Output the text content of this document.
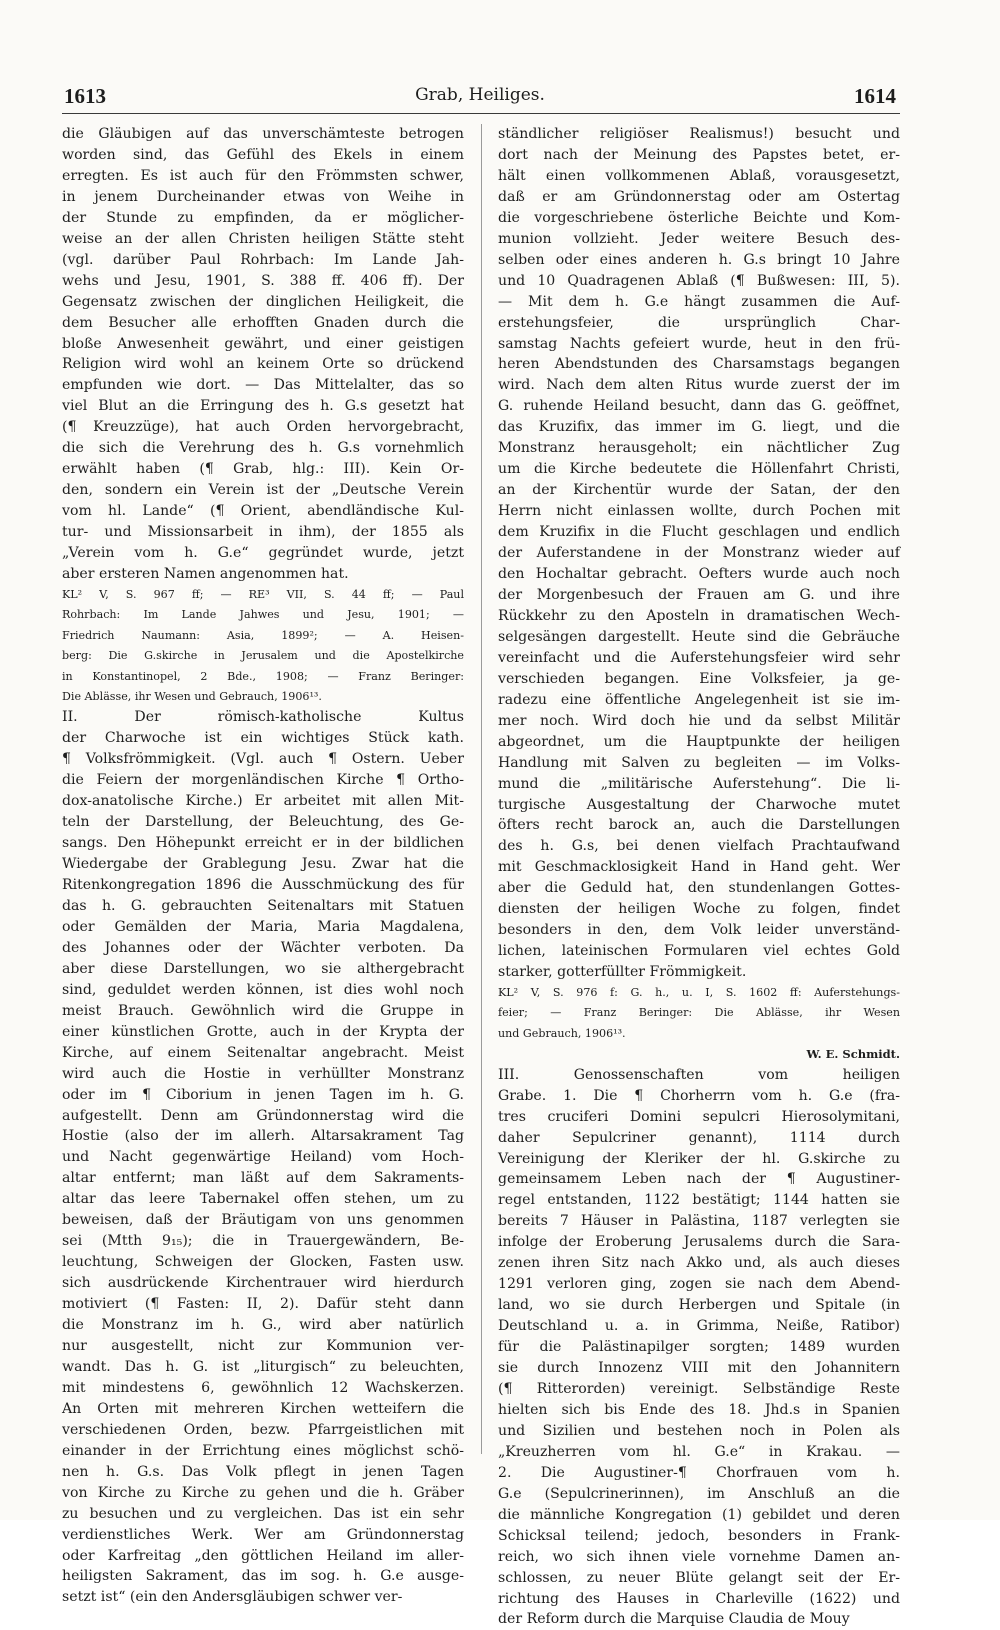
1613	Grab, Heiliges.	1614
die Gläubigen auf das unverschämteste betrogen
worden sind, das Gefühl des Ekels in einem
erregten. Es ist auch für den Frömmsten schwer,
in jenem Durcheinander etwas von Weihe in
der Stunde zu empfinden, da er möglicher-
weise an der allen Christen heiligen Stätte steht
(vgl. darüber Paul Rohrbach: Im Lande Jah-
wehs und Jesu, 1901, S. 388 ff. 406 ff). Der
Gegensatz zwischen der dinglichen Heiligkeit, die
dem Besucher alle erhofften Gnaden durch die
bloße Anwesenheit gewährt, und einer geistigen
Religion wird wohl an keinem Orte so drückend
empfunden wie dort. — Das Mittelalter, das so
viel Blut an die Erringung des h. G.s gesetzt hat
(¶ Kreuzzüge), hat auch Orden hervorgebracht,
die sich die Verehrung des h. G.s vornehmlich
erwählt haben (¶ Grab, hlg.: III). Kein Or-
den, sondern ein Verein ist der „Deutsche Verein
vom hl. Lande“ (¶ Orient, abendländische Kul-
tur- und Missionsarbeit in ihm), der 1855 als
„Verein vom h. G.e“ gegründet wurde, jetzt
aber ersteren Namen angenommen hat.
KL² V, S. 967 ff; — RE³ VII, S. 44 ff; — Paul
Rohrbach: Im Lande Jahwes und Jesu, 1901; —
Friedrich Naumann: Asia, 1899²; — A. Heisen-
berg: Die G.skirche in Jerusalem und die Apostelkirche
in Konstantinopel, 2 Bde., 1908; — Franz Beringer:
Die Ablässe, ihr Wesen und Gebrauch, 1906¹³.
II. Der römisch-katholische Kultus
der Charwoche ist ein wichtiges Stück kath.
¶ Volksfrömmigkeit. (Vgl. auch ¶ Ostern. Ueber
die Feiern der morgenländischen Kirche ¶ Ortho-
dox-anatolische Kirche.) Er arbeitet mit allen Mit-
teln der Darstellung, der Beleuchtung, des Ge-
sangs. Den Höhepunkt erreicht er in der bildlichen
Wiedergabe der Grablegung Jesu. Zwar hat die
Ritenkongregation 1896 die Ausschmückung des für
das h. G. gebrauchten Seitenaltars mit Statuen
oder Gemälden der Maria, Maria Magdalena,
des Johannes oder der Wächter verboten. Da
aber diese Darstellungen, wo sie althergebracht
sind, geduldet werden können, ist dies wohl noch
meist Brauch. Gewöhnlich wird die Gruppe in
einer künstlichen Grotte, auch in der Krypta der
Kirche, auf einem Seitenaltar angebracht. Meist
wird auch die Hostie in verhüllter Monstranz
oder im ¶ Ciborium in jenen Tagen im h. G.
aufgestellt. Denn am Gründonnerstag wird die
Hostie (also der im allerh. Altarsakrament Tag
und Nacht gegenwärtige Heiland) vom Hoch-
altar entfernt; man läßt auf dem Sakraments-
altar das leere Tabernakel offen stehen, um zu
beweisen, daß der Bräutigam von uns genommen
sei (Mtth 9₁₅); die in Trauergewändern, Be-
leuchtung, Schweigen der Glocken, Fasten usw.
sich ausdrückende Kirchentrauer wird hierdurch
motiviert (¶ Fasten: II, 2). Dafür steht dann
die Monstranz im h. G., wird aber natürlich
nur ausgestellt, nicht zur Kommunion ver-
wandt. Das h. G. ist „liturgisch“ zu beleuchten,
mit mindestens 6, gewöhnlich 12 Wachskerzen.
An Orten mit mehreren Kirchen wetteifern die
verschiedenen Orden, bezw. Pfarrgeistlichen mit
einander in der Errichtung eines möglichst schö-
nen h. G.s. Das Volk pflegt in jenen Tagen
von Kirche zu Kirche zu gehen und die h. Gräber
zu besuchen und zu vergleichen. Das ist ein sehr
verdienstliches Werk. Wer am Gründonnerstag
oder Karfreitag „den göttlichen Heiland im aller-
heiligsten Sakrament, das im sog. h. G.e ausge-
setzt ist“ (ein den Andersgläubigen schwer ver-
ständlicher religiöser Realismus!) besucht und
dort nach der Meinung des Papstes betet, er-
hält einen vollkommenen Ablaß, vorausgesetzt,
daß er am Gründonnerstag oder am Ostertag
die vorgeschriebene österliche Beichte und Kom-
munion vollzieht. Jeder weitere Besuch des-
selben oder eines anderen h. G.s bringt 10 Jahre
und 10 Quadragenen Ablaß (¶ Bußwesen: III, 5).
— Mit dem h. G.e hängt zusammen die Auf-
erstehungsfeier, die ursprünglich Char-
samstag Nachts gefeiert wurde, heut in den frü-
heren Abendstunden des Charsamstags begangen
wird. Nach dem alten Ritus wurde zuerst der im
G. ruhende Heiland besucht, dann das G. geöffnet,
das Kruzifix, das immer im G. liegt, und die
Monstranz herausgeholt; ein nächtlicher Zug
um die Kirche bedeutete die Höllenfahrt Christi,
an der Kirchentür wurde der Satan, der den
Herrn nicht einlassen wollte, durch Pochen mit
dem Kruzifix in die Flucht geschlagen und endlich
der Auferstandene in der Monstranz wieder auf
den Hochaltar gebracht. Oefters wurde auch noch
der Morgenbesuch der Frauen am G. und ihre
Rückkehr zu den Aposteln in dramatischen Wech-
selgesängen dargestellt. Heute sind die Gebräuche
vereinfacht und die Auferstehungsfeier wird sehr
verschieden begangen. Eine Volksfeier, ja ge-
radezu eine öffentliche Angelegenheit ist sie im-
mer noch. Wird doch hie und da selbst Militär
abgeordnet, um die Hauptpunkte der heiligen
Handlung mit Salven zu begleiten — im Volks-
mund die „militärische Auferstehung“. Die li-
turgische Ausgestaltung der Charwoche mutet
öfters recht barock an, auch die Darstellungen
des h. G.s, bei denen vielfach Prachtaufwand
mit Geschmacklosigkeit Hand in Hand geht. Wer
aber die Geduld hat, den stundenlangen Gottes-
diensten der heiligen Woche zu folgen, findet
besonders in den, dem Volk leider unverständ-
lichen, lateinischen Formularen viel echtes Gold
starker, gotterfüllter Frömmigkeit.
KL² V, S. 976 f: G. h., u. I, S. 1602 ff: Auferstehungs-
feier; — Franz Beringer: Die Ablässe, ihr Wesen
und Gebrauch, 1906¹³.
W. E. Schmidt.
III. Genossenschaften vom heiligen
Grabe. 1. Die ¶ Chorherrn vom h. G.e (fra-
tres cruciferi Domini sepulcri Hierosolymitani,
daher Sepulcriner genannt), 1114 durch
Vereinigung der Kleriker der hl. G.skirche zu
gemeinsamem Leben nach der ¶ Augustiner-
regel entstanden, 1122 bestätigt; 1144 hatten sie
bereits 7 Häuser in Palästina, 1187 verlegten sie
infolge der Eroberung Jerusalems durch die Sara-
zenen ihren Sitz nach Akko und, als auch dieses
1291 verloren ging, zogen sie nach dem Abend-
land, wo sie durch Herbergen und Spitale (in
Deutschland u. a. in Grimma, Neiße, Ratibor)
für die Palästinapilger sorgten; 1489 wurden
sie durch Innozenz VIII mit den Johannitern
(¶ Ritterorden) vereinigt. Selbständige Reste
hielten sich bis Ende des 18. Jhd.s in Spanien
und Sizilien und bestehen noch in Polen als
„Kreuzherren vom hl. G.e“ in Krakau. —
2. Die Augustiner-¶ Chorfrauen vom h.
G.e (Sepulcrinerinnen), im Anschluß an die
die männliche Kongregation (1) gebildet und deren
Schicksal teilend; jedoch, besonders in Frank-
reich, wo sich ihnen viele vornehme Damen an-
schlossen, zu neuer Blüte gelangt seit der Er-
richtung des Hauses in Charleville (1622) und
der Reform durch die Marquise Claudia de Mouy
